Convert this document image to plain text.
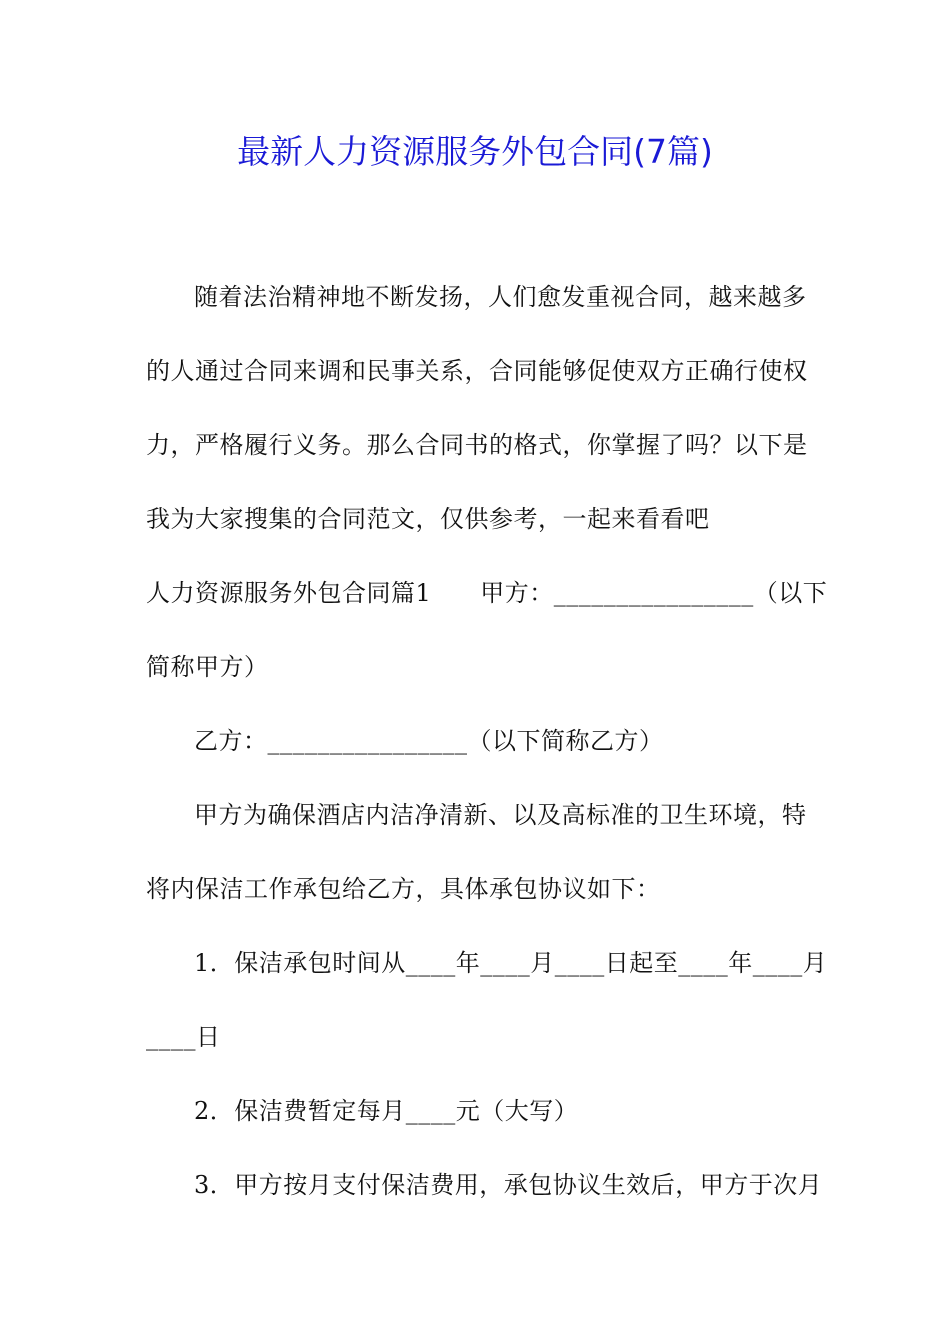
最新人力资源服务外包合同(7篇)
随着法治精神地不断发扬，人们愈发重视合同，越来越多
的人通过合同来调和民事关系，合同能够促使双方正确行使权
力，严格履行义务。那么合同书的格式，你掌握了吗？以下是
我为大家搜集的合同范文，仅供参考，一起来看看吧
人力资源服务外包合同篇1　　甲方：________________（以下
简称甲方）
乙方：________________（以下简称乙方）
甲方为确保酒店内洁净清新、以及高标准的卫生环境，特
将内保洁工作承包给乙方，具体承包协议如下：
1．保洁承包时间从____年____月____日起至____年____月
____日
2．保洁费暂定每月____元（大写）
3．甲方按月支付保洁费用，承包协议生效后，甲方于次月
